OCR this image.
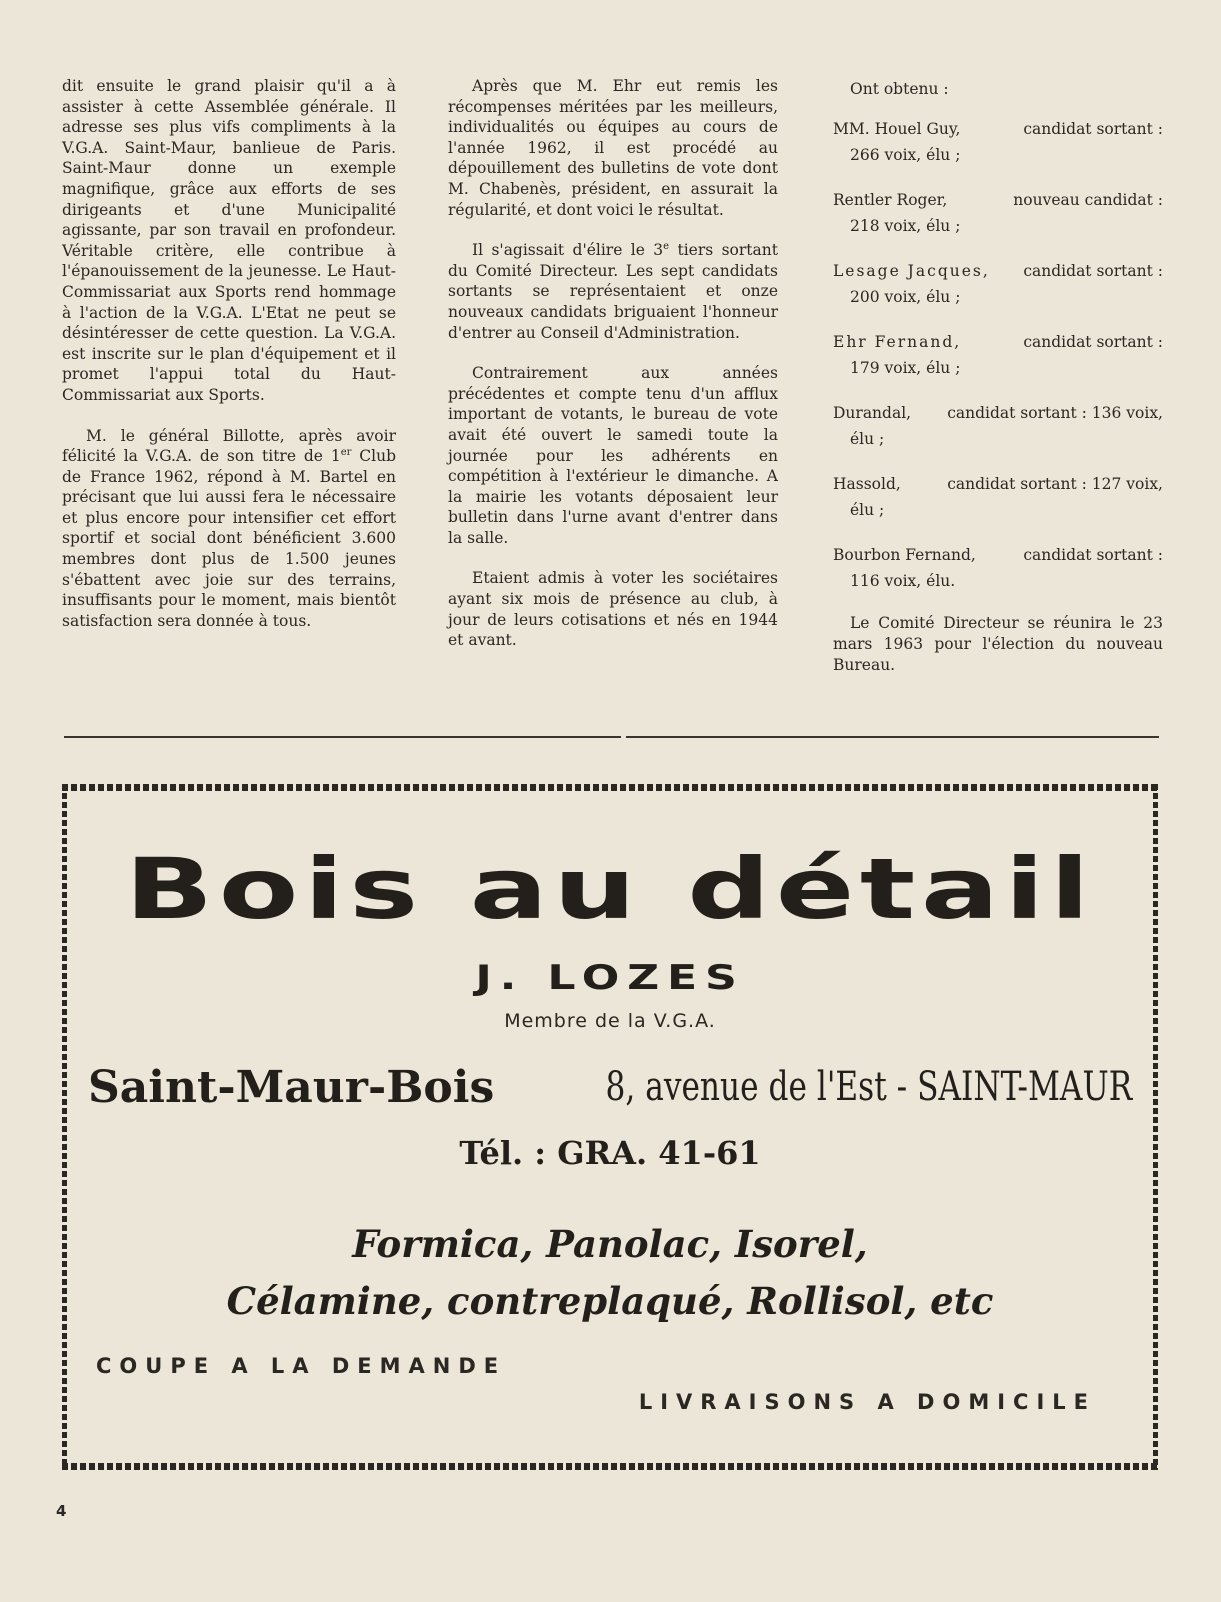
dit ensuite le grand plaisir qu'il a à assister à cette Assemblée générale. Il adresse ses plus vifs compliments à la V.G.A. Saint-Maur, banlieue de Paris. Saint-Maur donne un exemple magnifique, grâce aux efforts de ses dirigeants et d'une Municipalité agissante, par son travail en profondeur. Véritable critère, elle contribue à l'épanouissement de la jeunesse. Le Haut-Commissariat aux Sports rend hommage à l'action de la V.G.A. L'Etat ne peut se désintéresser de cette question. La V.G.A. est inscrite sur le plan d'équipement et il promet l'appui total du Haut-Commissariat aux Sports.

M. le général Billotte, après avoir félicité la V.G.A. de son titre de 1er Club de France 1962, répond à M. Bartel en précisant que lui aussi fera le nécessaire et plus encore pour intensifier cet effort sportif et social dont bénéficient 3.600 membres dont plus de 1.500 jeunes s'ébattent avec joie sur des terrains, insuffisants pour le moment, mais bientôt satisfaction sera donnée à tous.

Après que M. Ehr eut remis les récompenses méritées par les meilleurs, individualités ou équipes au cours de l'année 1962, il est procédé au dépouillement des bulletins de vote dont M. Chabenès, président, en assurait la régularité, et dont voici le résultat.

Il s'agissait d'élire le 3e tiers sortant du Comité Directeur. Les sept candidats sortants se représentaient et onze nouveaux candidats briguaient l'honneur d'entrer au Conseil d'Administration.

Contrairement aux années précédentes et compte tenu d'un afflux important de votants, le bureau de vote avait été ouvert le samedi toute la journée pour les adhérents en compétition à l'extérieur le dimanche. A la mairie les votants déposaient leur bulletin dans l'urne avant d'entrer dans la salle.

Etaient admis à voter les sociétaires ayant six mois de présence au club, à jour de leurs cotisations et nés en 1944 et avant.

Ont obtenu :

MM. Houel Guy,	candidat sortant :
266 voix, élu ;
Rentler Roger,	nouveau candidat :
218 voix, élu ;
Lesage Jacques, candidat sortant :
200 voix, élu ;
Ehr Fernand,	candidat sortant :
179 voix, élu ;
Durandal, candidat sortant : 136 voix,
élu ;
Hassold,	candidat sortant : 127 voix,
élu ;
Bourbon Fernand,	candidat sortant :
116 voix, élu.

Le Comité Directeur se réunira le 23 mars 1963 pour l'élection du nouveau Bureau.

Bois au détail
J. LOZES
Membre de la V.G.A.
Saint-Maur-Bois	8, avenue de l'Est - SAINT-MAUR
Tél. : GRA. 41-61
Formica, Panolac, Isorel,
Célamine, contreplaqué, Rollisol, etc
COUPE A LA DEMANDE
LIVRAISONS A DOMICILE
4
